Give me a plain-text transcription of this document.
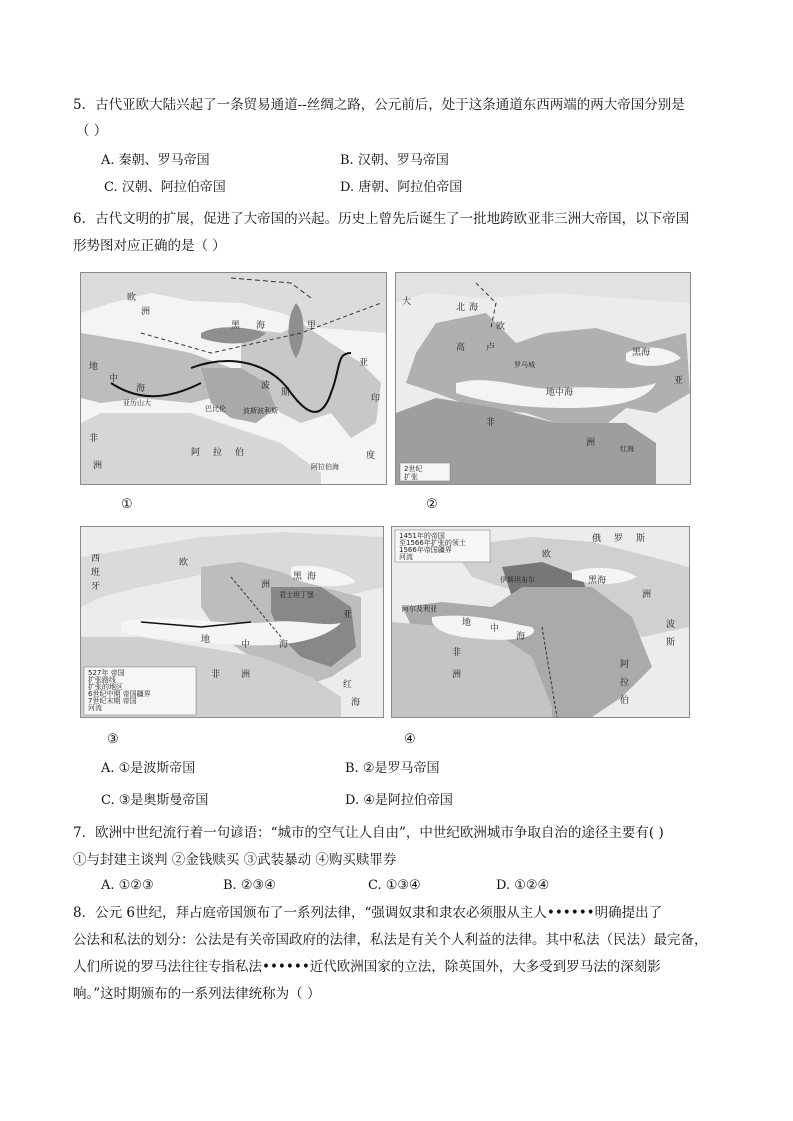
5．古代亚欧大陆兴起了一条贸易通道--丝绸之路，公元前后，处于这条通道东西两端的两大帝国分别是
（ ）
A. 秦朝、罗马帝国	B. 汉朝、罗马帝国
C. 汉朝、阿拉伯帝国	D. 唐朝、阿拉伯帝国
6．古代文明的扩展，促进了大帝国的兴起。历史上曾先后诞生了一批地跨欧亚非三洲大帝国，以下帝国
形势图对应正确的是（ ）
欧
洲
黑 海	里
地
中
海
非
洲
阿 拉 伯
波
斯
亚
度
印
阿拉伯海
亚历山大
巴比伦 波斯波利斯
①
2世纪
扩张
大
北 海
高 卢
欧
黑海
地中海
非
洲
亚
罗马城
红海
②
527年 帝国
扩张路线
扩张的地区
6世纪中期 帝国疆界
7世纪末期 帝国
河流
西
班
牙
欧
洲
黑 海
地	中	海
非 洲
红
海
君士坦丁堡
亚
③
1451年的帝国
至1566年扩张的领土
1566年帝国疆界
河流
俄 罗 斯
洲
欧
黑海
伊斯坦布尔
地
中
海
非
洲
阿
拉
伯
波
斯
阿尔及利亚
④
A. ①是波斯帝国	B. ②是罗马帝国
C. ③是奥斯曼帝国	D. ④是阿拉伯帝国
7．欧洲中世纪流行着一句谚语：“城市的空气让人自由”，中世纪欧洲城市争取自治的途径主要有( )
①与封建主谈判 ②金钱赎买 ③武装暴动 ④购买赎罪券
A. ①②③	B. ②③④	C. ①③④	D. ①②④
8．公元 6世纪，拜占庭帝国颁布了一系列法律，“强调奴隶和隶农必须服从主人••••••明确提出了
公法和私法的划分：公法是有关帝国政府的法律，私法是有关个人利益的法律。其中私法（民法）最完备，
人们所说的罗马法往往专指私法••••••近代欧洲国家的立法，除英国外，大多受到罗马法的深刻影
响。”这时期颁布的一系列法律统称为（ ）
